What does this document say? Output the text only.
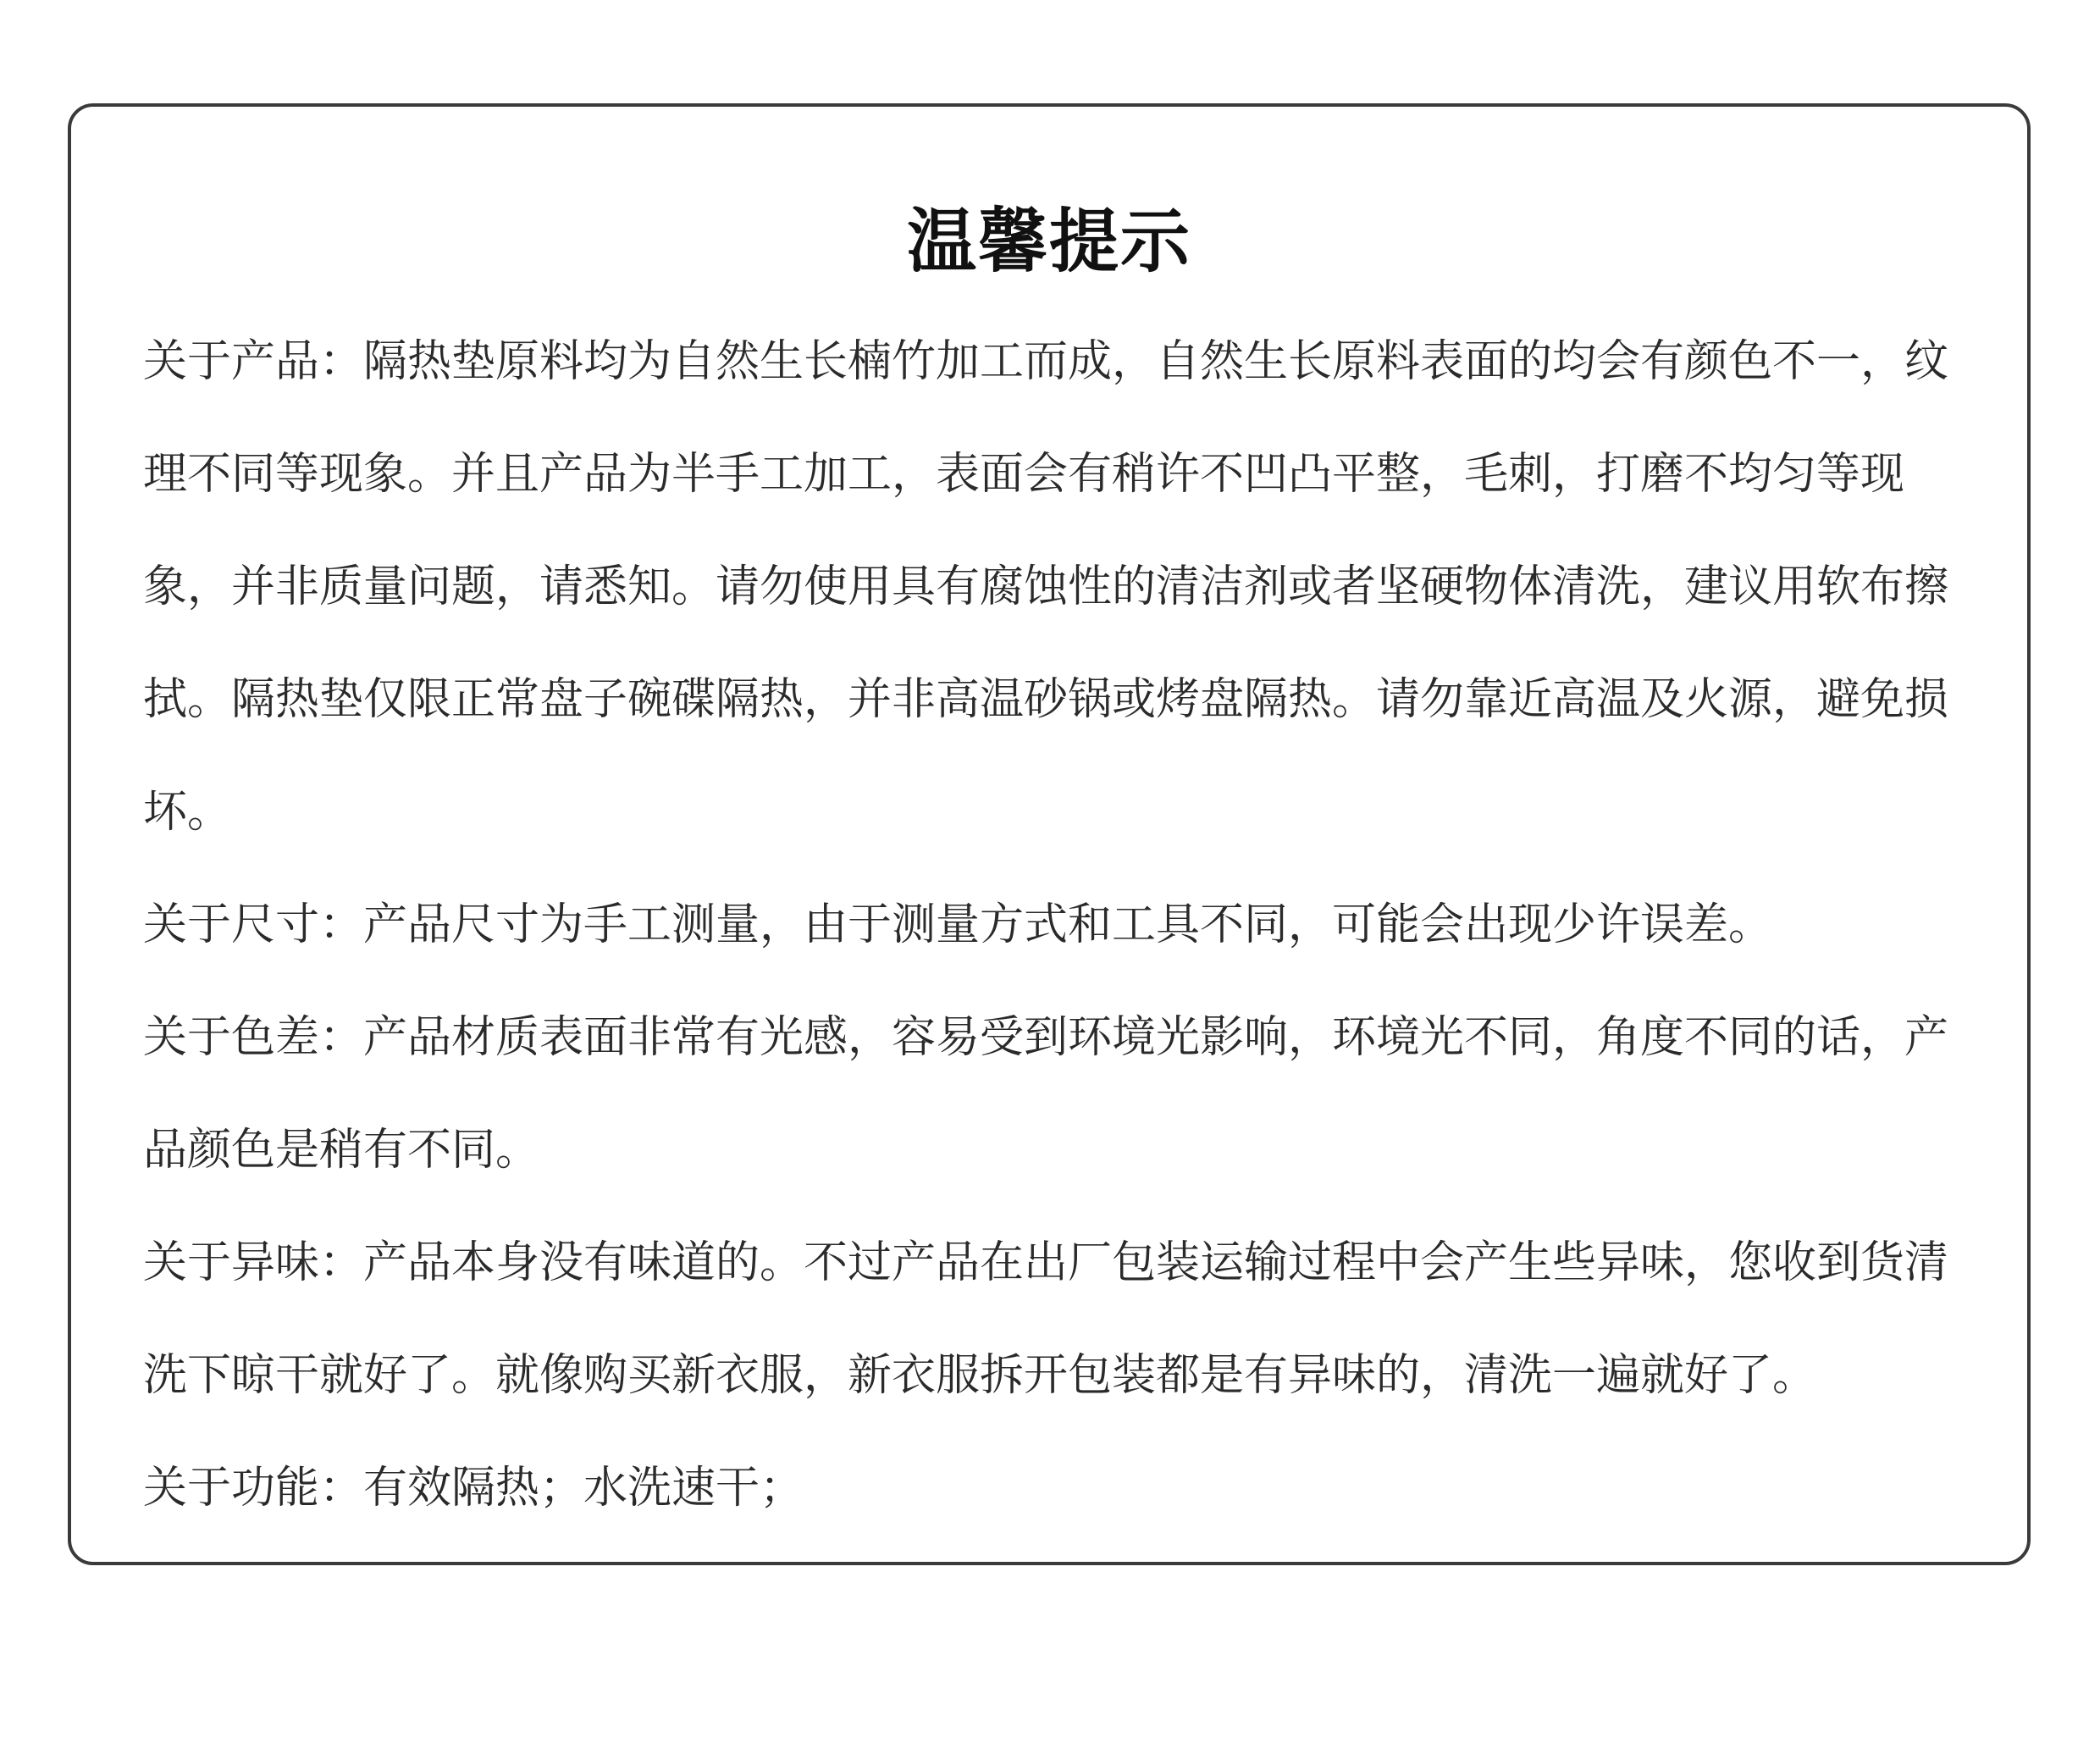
温馨提示

关于产品：隔热垫原料均为自然生长楠竹加工而成，自然生长原料表面的均会有颜色不一，纹理不同等现象。并且产品为半手工加工，表面会有稍许不凹凸平整，毛刺，打磨不均匀等现象，并非质量问题，请悉知。请勿使用具有腐蚀性的清洁剂或者坚硬物体清洗，建议用软布擦拭。隔热垫仅限正常盘子碗碟隔热，并非高温砂锅或烤盘隔热。请勿靠近高温及火源，避免损坏。

关于尺寸：产品尺寸为手工测量，由于测量方式和工具不同，可能会出现少许误差。

关于色差：产品材质表面非常有光感，容易受到环境光影响，环境光不同，角度不同的话，产品颜色是稍有不同。

关于异味：产品本身没有味道的。不过产品在出厂包装运输过程中会产生些异味，您收到货清洗下晾干就好了。就像购买新衣服，新衣服拆开包装都是有异味的，清洗一遍就好了。

关于功能：有效隔热；水洗速干；
